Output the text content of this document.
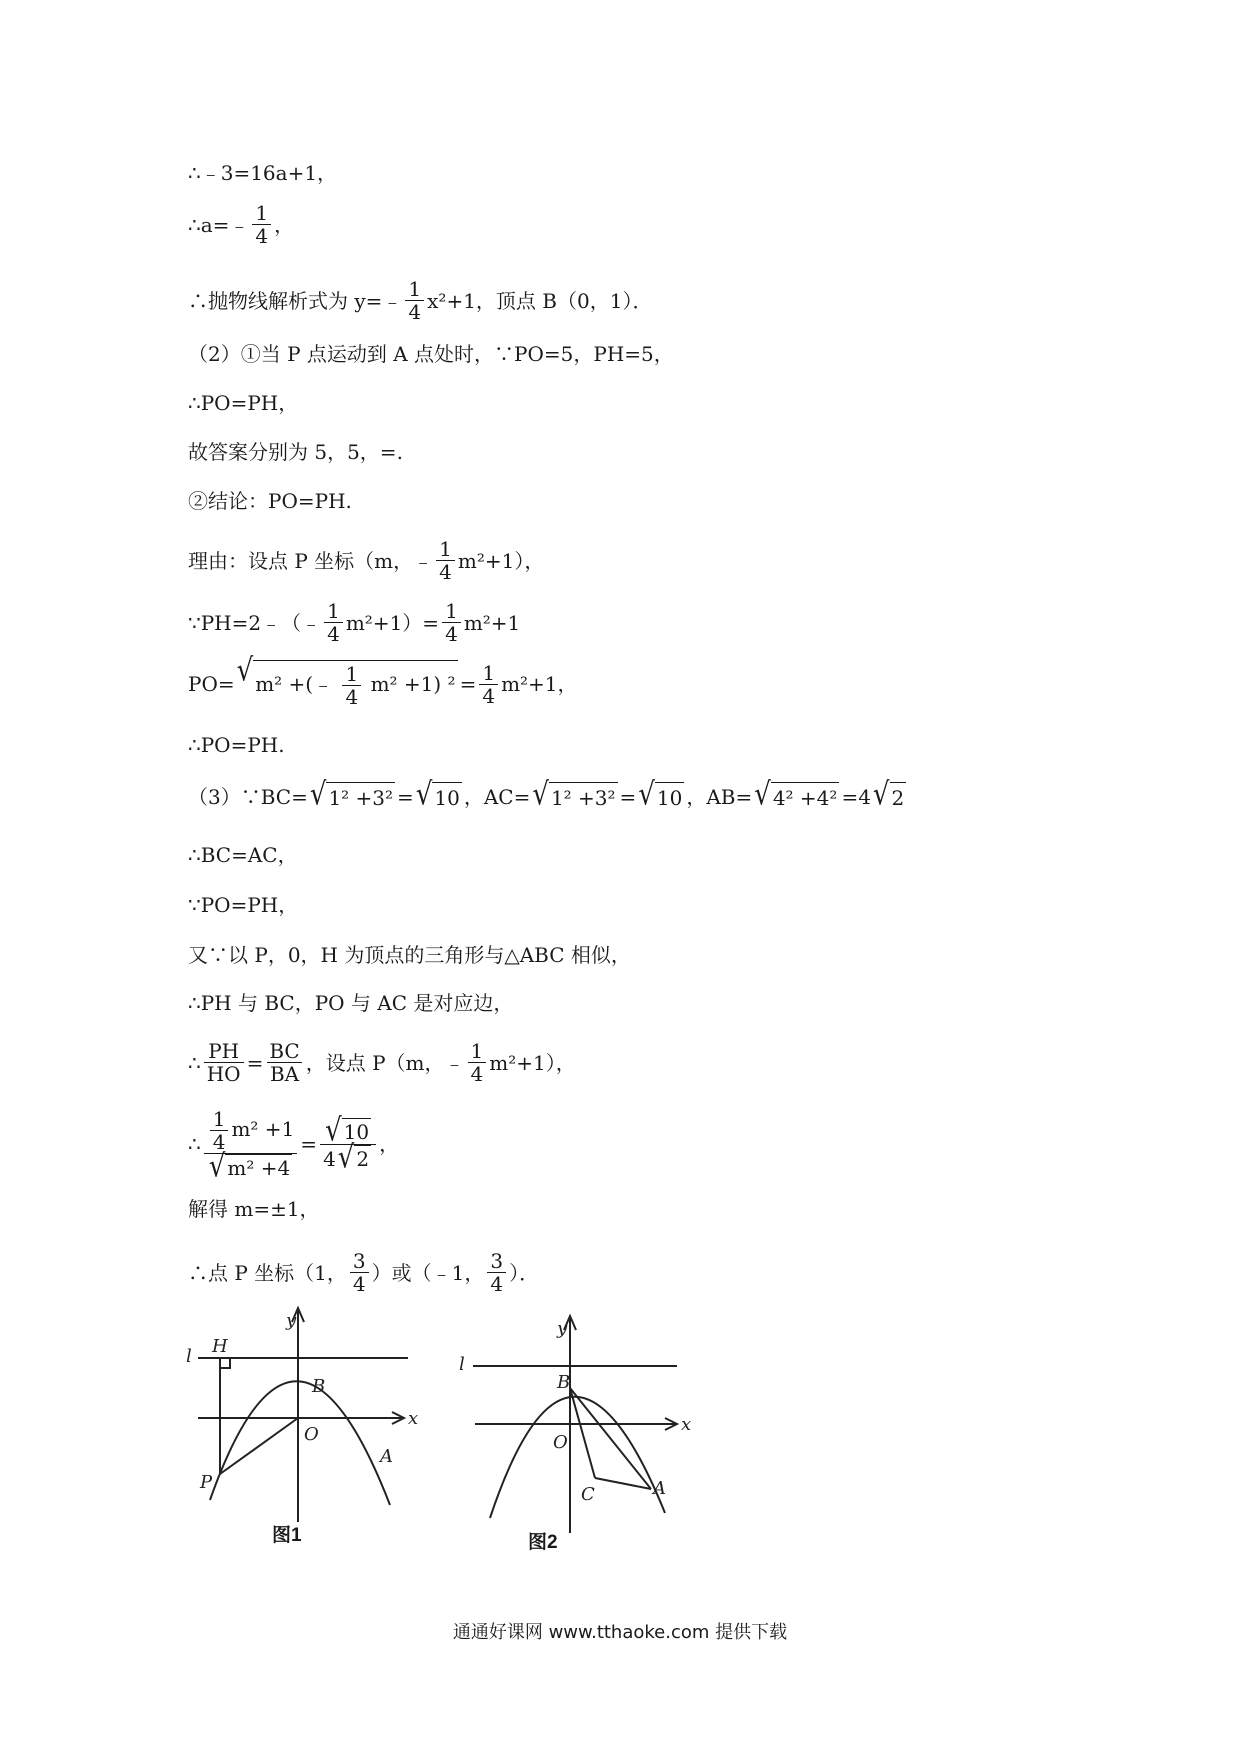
∴﹣3=16a+1，
∴a=﹣ $\frac{1}{4}$ ，
∴抛物线解析式为 y=﹣ $\frac{1}{4} x^2+1$，顶点 B（0，1）．
（2）①当 P 点运动到 A 点处时，∵PO=5，PH=5，
∴PO=PH，
故答案分别为 5，5，=.
②结论：PO=PH.
理由：设点 P 坐标（m，﹣ $\frac{1}{4} m^2+1$），
∵PH=2﹣（﹣ $\frac{1}{4} m^2+1)= \frac{1}{4} m^2+1$
PO= √ m² +(﹣ $\frac{1}{4} m^2 +1$) $^2 = \frac{1}{4} m^2+1$，
∴PO=PH.
（3）∵BC= √ 1² +3² = √ 10 ，AC= √ 1² +3² = √ 10 ，AB= √ 4² +4² =4 √ 2
∴BC=AC，
∵PO=PH，
又∵以 P，0，H 为顶点的三角形与△ABC 相似，
∴PH 与 BC，PO 与 AC 是对应边，
∴ $\frac{PH}{HO} = \frac{BC}{BA}$ ，设点 P（m，﹣ $\frac{1}{4} m^2+1$），
∴ $\frac{\frac{1}{4} m^2 +1}{\text{√ m² +4}} = \frac{√ 10}{4 √ 2}$ ，
解得 m=±1，
∴点 P 坐标（1， $\frac{3}{4}$ ）或（﹣1， $\frac{3}{4}$ ）．
y
x
l H
B
O
A
P
图1
y
x
l
B
O
C	A
图2
通通好课网 www.tthaoke.com 提供下载
